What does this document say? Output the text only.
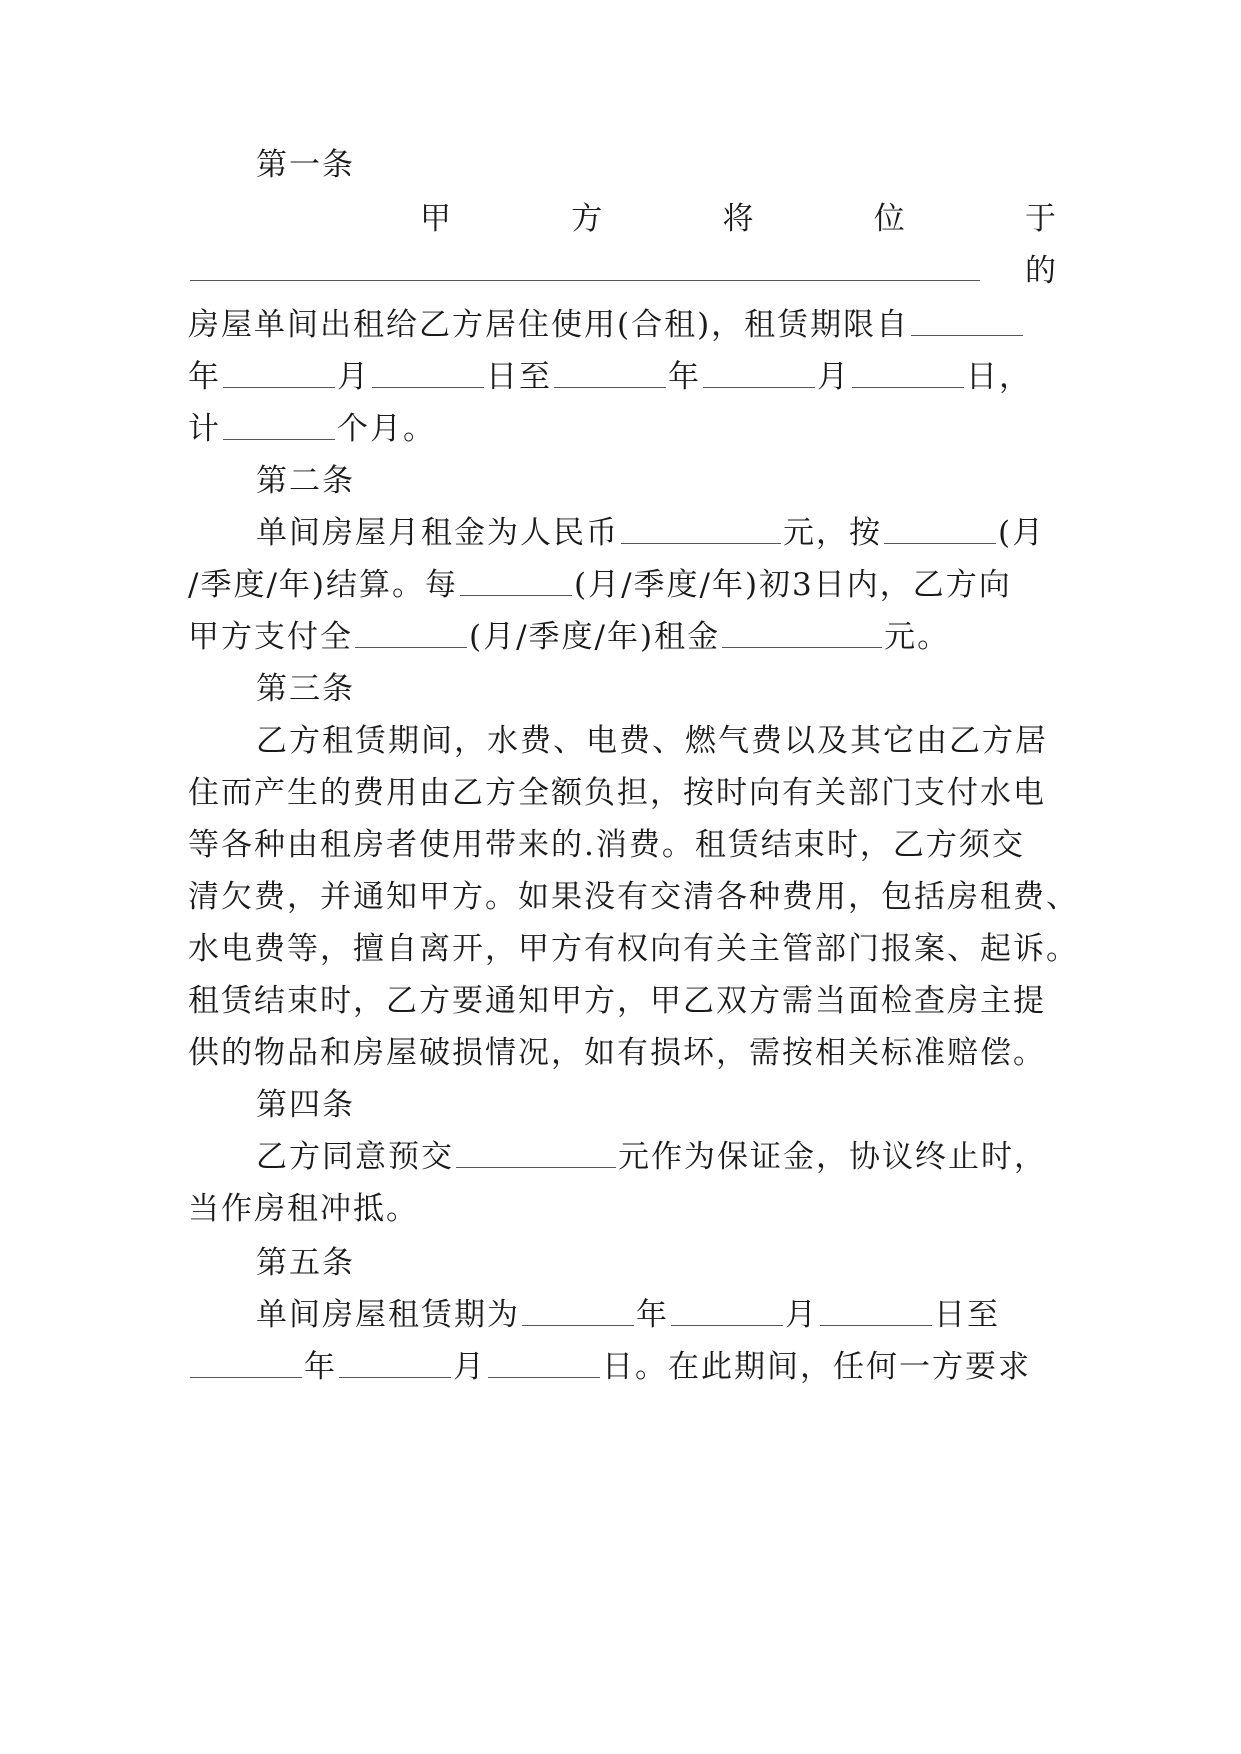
第一条
甲	方	将	位	于
的
房屋单间出租给乙方居住使用(合租)，租赁期限自
年	月	日至	年	月	日，
计	个月。
第二条
单间房屋月租金为人民币	元，按	(月
/季度/年)结算。每	(月/季度/年)初3日内，乙方向
甲方支付全	(月/季度/年)租金	元。
第三条
乙方租赁期间，水费、电费、燃气费以及其它由乙方居
住而产生的费用由乙方全额负担，按时向有关部门支付水电
等各种由租房者使用带来的.消费。租赁结束时，乙方须交
清欠费，并通知甲方。如果没有交清各种费用，包括房租费、
水电费等，擅自离开，甲方有权向有关主管部门报案、起诉。
租赁结束时，乙方要通知甲方，甲乙双方需当面检查房主提
供的物品和房屋破损情况，如有损坏，需按相关标准赔偿。
第四条
乙方同意预交	元作为保证金，协议终止时，
当作房租冲抵。
第五条
单间房屋租赁期为	年	月	日至
年	月	日。在此期间，任何一方要求
